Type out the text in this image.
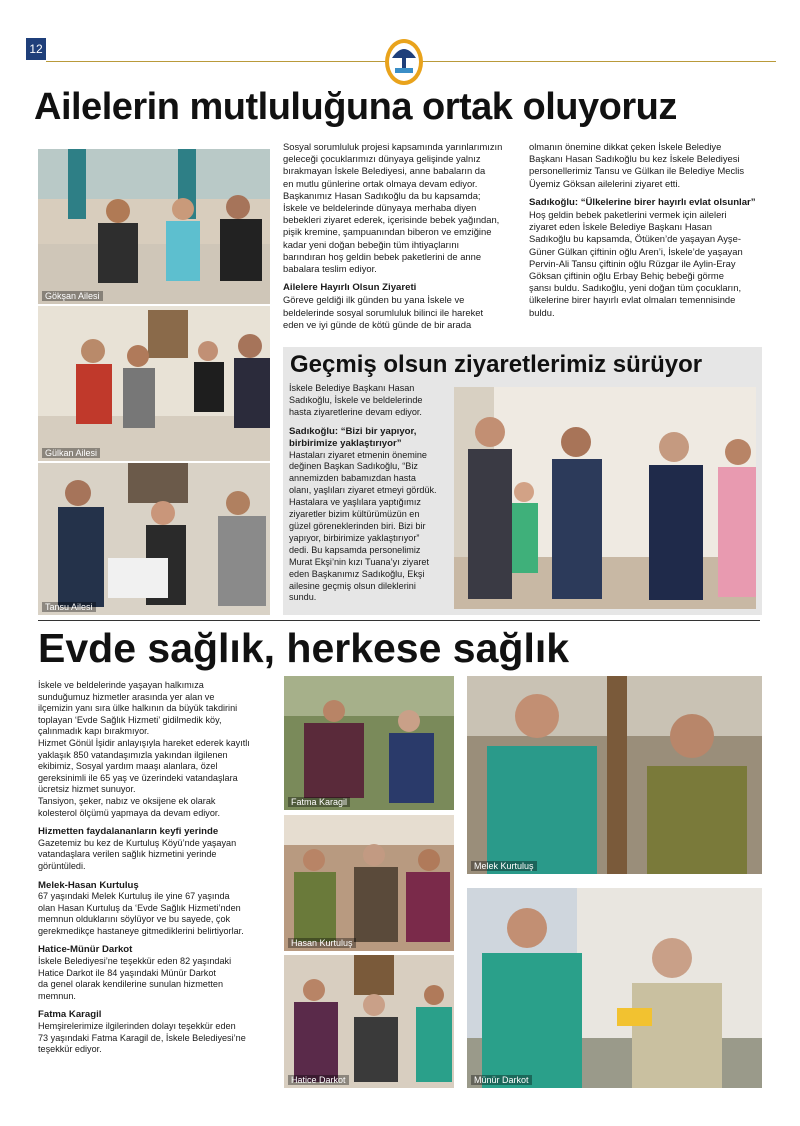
12
Ailelerin mutluluğuna ortak oluyoruz
Gökşan Ailesi
Gülkan Ailesi
Tansu Ailesi

Sosyal sorumluluk projesi kapsamında yarınlarımızın

geleceği çocuklarımızı dünyaya gelişinde yalnız

bırakmayan İskele Belediyesi, anne babaların da

en mutlu günlerine ortak olmaya devam ediyor.

Başkanımız Hasan Sadıkoğlu da bu kapsamda;

İskele ve beldelerinde dünyaya merhaba diyen

bebekleri ziyaret ederek, içerisinde bebek yağından,

pişik kremine, şampuanından biberon ve emziğine

kadar yeni doğan bebeğin tüm ihtiyaçlarını

barındıran hoş geldin bebek paketlerini de anne

babalara teslim ediyor.

Ailelere Hayırlı Olsun Ziyareti

Göreve geldiği ilk günden bu yana İskele ve

beldelerinde sosyal sorumluluk bilinci ile hareket

eden ve iyi günde de kötü günde de bir arada

olmanın önemine dikkat çeken İskele Belediye

Başkanı Hasan Sadıkoğlu bu kez İskele Belediyesi

personellerimiz Tansu ve Gülkan ile Belediye Meclis

Üyemiz Göksan ailelerini ziyaret etti.

Sadıkoğlu: “Ülkelerine birer hayırlı evlat olsunlar”

Hoş geldin bebek paketlerini vermek için aileleri

ziyaret eden İskele Belediye Başkanı Hasan

Sadıkoğlu bu kapsamda, Ötüken’de yaşayan Ayşe-

Güner Gülkan çiftinin oğlu Aren’i, İskele’de yaşayan

Pervin-Ali Tansu çiftinin oğlu Rüzgar ile Aylin-Eray

Göksan çiftinin oğlu Erbay Behiç bebeği görme

şansı buldu. Sadıkoğlu, yeni doğan tüm çocukların,

ülkelerine birer hayırlı evlat olmaları temennisinde

buldu.

Geçmiş olsun ziyaretlerimiz sürüyor

İskele Belediye Başkanı Hasan

Sadıkoğlu, İskele ve beldelerinde

hasta ziyaretlerine devam ediyor.

Sadıkoğlu: “Bizi bir yapıyor, birbirimize yaklaştırıyor”

Hastaları ziyaret etmenin önemine

değinen Başkan Sadıkoğlu, “Biz

annemizden babamızdan hasta

olanı, yaşlıları ziyaret etmeyi gördük.

Hastalara ve yaşlılara yaptığımız

ziyaretler bizim kültürümüzün en

güzel göreneklerinden biri. Bizi bir

yapıyor, birbirimize yaklaştırıyor”

dedi. Bu kapsamda personelimiz

Murat Ekşi’nin kızı Tuana’yı ziyaret

eden Başkanımız Sadıkoğlu, Ekşi

ailesine geçmiş olsun dileklerini

sundu.

Evde sağlık, herkese sağlık

İskele ve beldelerinde yaşayan halkımıza

sunduğumuz hizmetler arasında yer alan ve

ilçemizin yanı sıra ülke halkının da büyük takdirini

toplayan ‘Evde Sağlık Hizmeti’ gidilmedik köy,

çalınmadık kapı bırakmıyor.

Hizmet Gönül İşidir anlayışıyla hareket ederek kayıtlı

yaklaşık 850 vatandaşımızla yakından ilgilenen

ekibimiz, Sosyal yardım maaşı alanlara, özel

gereksinimli ile 65 yaş ve üzerindeki vatandaşlara

ücretsiz hizmet sunuyor.

Tansiyon, şeker, nabız ve oksijene ek olarak

kolesterol ölçümü yapmaya da devam ediyor.

Hizmetten faydalananların keyfi yerinde

Gazetemiz bu kez de Kurtuluş Köyü’nde yaşayan

vatandaşlara verilen sağlık hizmetini yerinde

görüntüledi.

Melek-Hasan Kurtuluş

67 yaşındaki Melek Kurtuluş ile yine 67 yaşında

olan Hasan Kurtuluş da ‘Evde Sağlık Hizmeti’nden

memnun olduklarını söylüyor ve bu sayede, çok

gerekmedikçe hastaneye gitmediklerini belirtiyorlar.

Hatice-Münür Darkot

İskele Belediyesi’ne teşekkür eden 82 yaşındaki

Hatice Darkot ile 84 yaşındaki Münür Darkot

da genel olarak kendilerine sunulan hizmetten

memnun.

Fatma Karagil

Hemşirelerimize ilgilerinden dolayı teşekkür eden

73 yaşındaki Fatma Karagil de, İskele Belediyesi’ne

teşekkür ediyor.

Fatma Karagil
Hasan Kurtuluş
Hatice Darkot
Melek Kurtuluş
Münür Darkot
